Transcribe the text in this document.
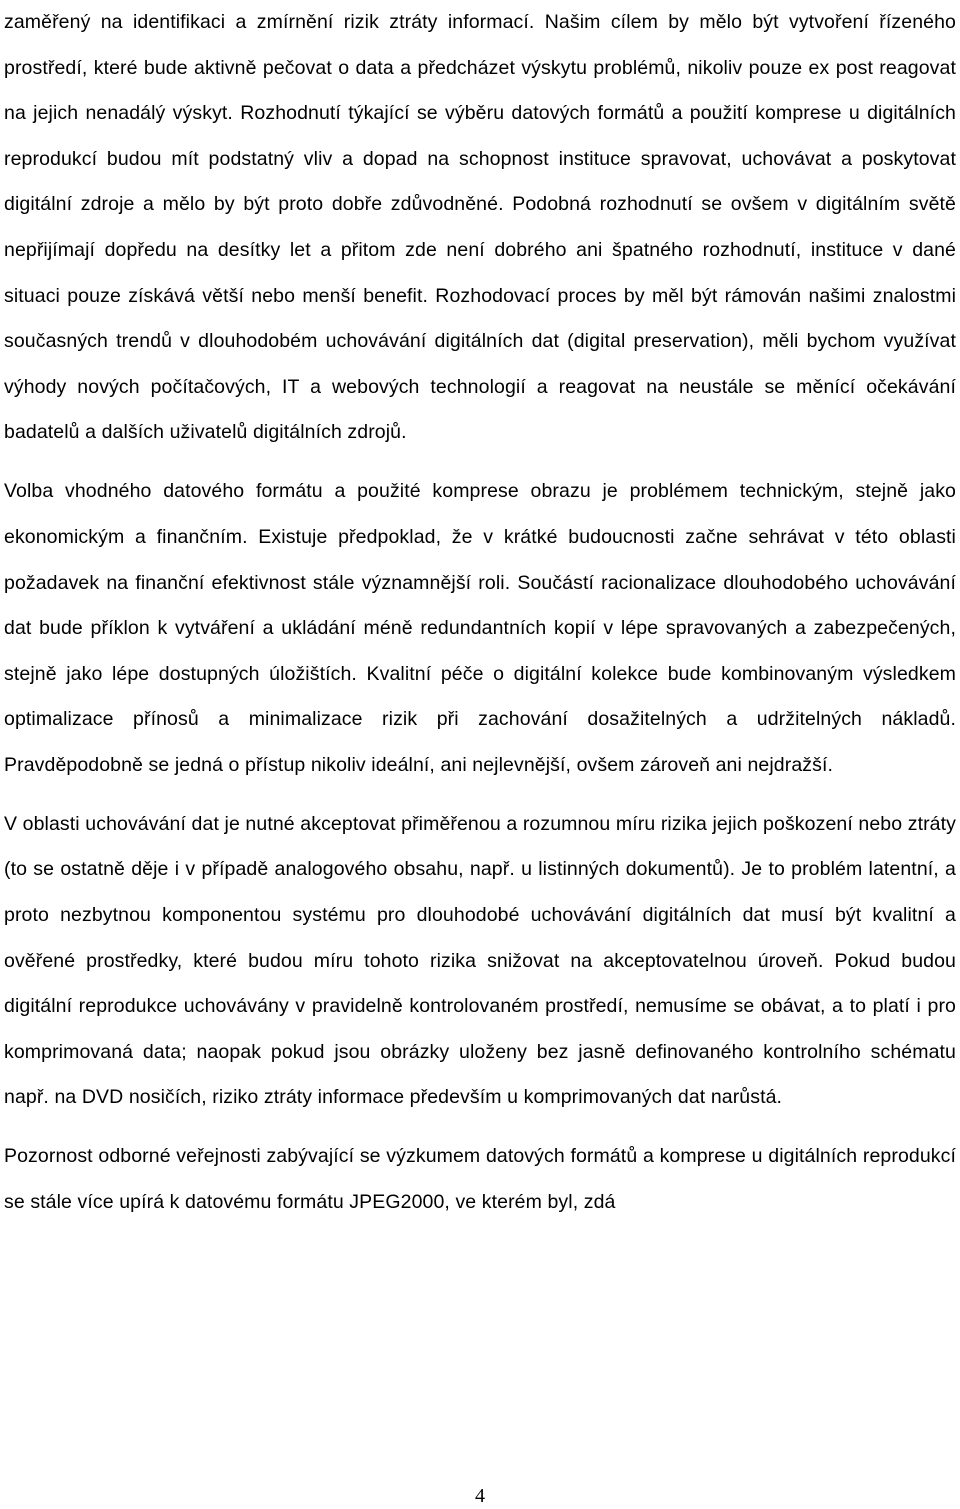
zaměřený na identifikaci a zmírnění rizik ztráty informací. Našim cílem by mělo být vytvoření řízeného prostředí, které bude aktivně pečovat o data a předcházet výskytu problémů, nikoliv pouze ex post reagovat na jejich nenadálý výskyt. Rozhodnutí týkající se výběru datových formátů a použití komprese u digitálních reprodukcí budou mít podstatný vliv a dopad na schopnost instituce spravovat, uchovávat a poskytovat digitální zdroje a mělo by být proto dobře zdůvodněné. Podobná rozhodnutí se ovšem v digitálním světě nepřijímají dopředu na desítky let a přitom zde není dobrého ani špatného rozhodnutí, instituce v dané situaci pouze získává větší nebo menší benefit. Rozhodovací proces by měl být rámován našimi znalostmi současných trendů v dlouhodobém uchovávání digitálních dat (digital preservation), měli bychom využívat výhody nových počítačových, IT a webových technologií a reagovat na neustále se měnící očekávání badatelů a dalších uživatelů digitálních zdrojů.

Volba vhodného datového formátu a použité komprese obrazu je problémem technickým, stejně jako ekonomickým a finančním. Existuje předpoklad, že v krátké budoucnosti začne sehrávat v této oblasti požadavek na finanční efektivnost stále významnější roli. Součástí racionalizace dlouhodobého uchovávání dat bude příklon k vytváření a ukládání méně redundantních kopií v lépe spravovaných a zabezpečených, stejně jako lépe dostupných úložištích. Kvalitní péče o digitální kolekce bude kombinovaným výsledkem optimalizace přínosů a minimalizace rizik při zachování dosažitelných a udržitelných nákladů. Pravděpodobně se jedná o přístup nikoliv ideální, ani nejlevnější, ovšem zároveň ani nejdražší.

V oblasti uchovávání dat je nutné akceptovat přiměřenou a rozumnou míru rizika jejich poškození nebo ztráty (to se ostatně děje i v případě analogového obsahu, např. u listinných dokumentů). Je to problém latentní, a proto nezbytnou komponentou systému pro dlouhodobé uchovávání digitálních dat musí být kvalitní a ověřené prostředky, které budou míru tohoto rizika snižovat na akceptovatelnou úroveň. Pokud budou digitální reprodukce uchovávány v pravidelně kontrolovaném prostředí, nemusíme se obávat, a to platí i pro komprimovaná data; naopak pokud jsou obrázky uloženy bez jasně definovaného kontrolního schématu např. na DVD nosičích, riziko ztráty informace především u komprimovaných dat narůstá.

Pozornost odborné veřejnosti zabývající se výzkumem datových formátů a komprese u digitálních reprodukcí se stále více upírá k datovému formátu JPEG2000, ve kterém byl, zdá

4
